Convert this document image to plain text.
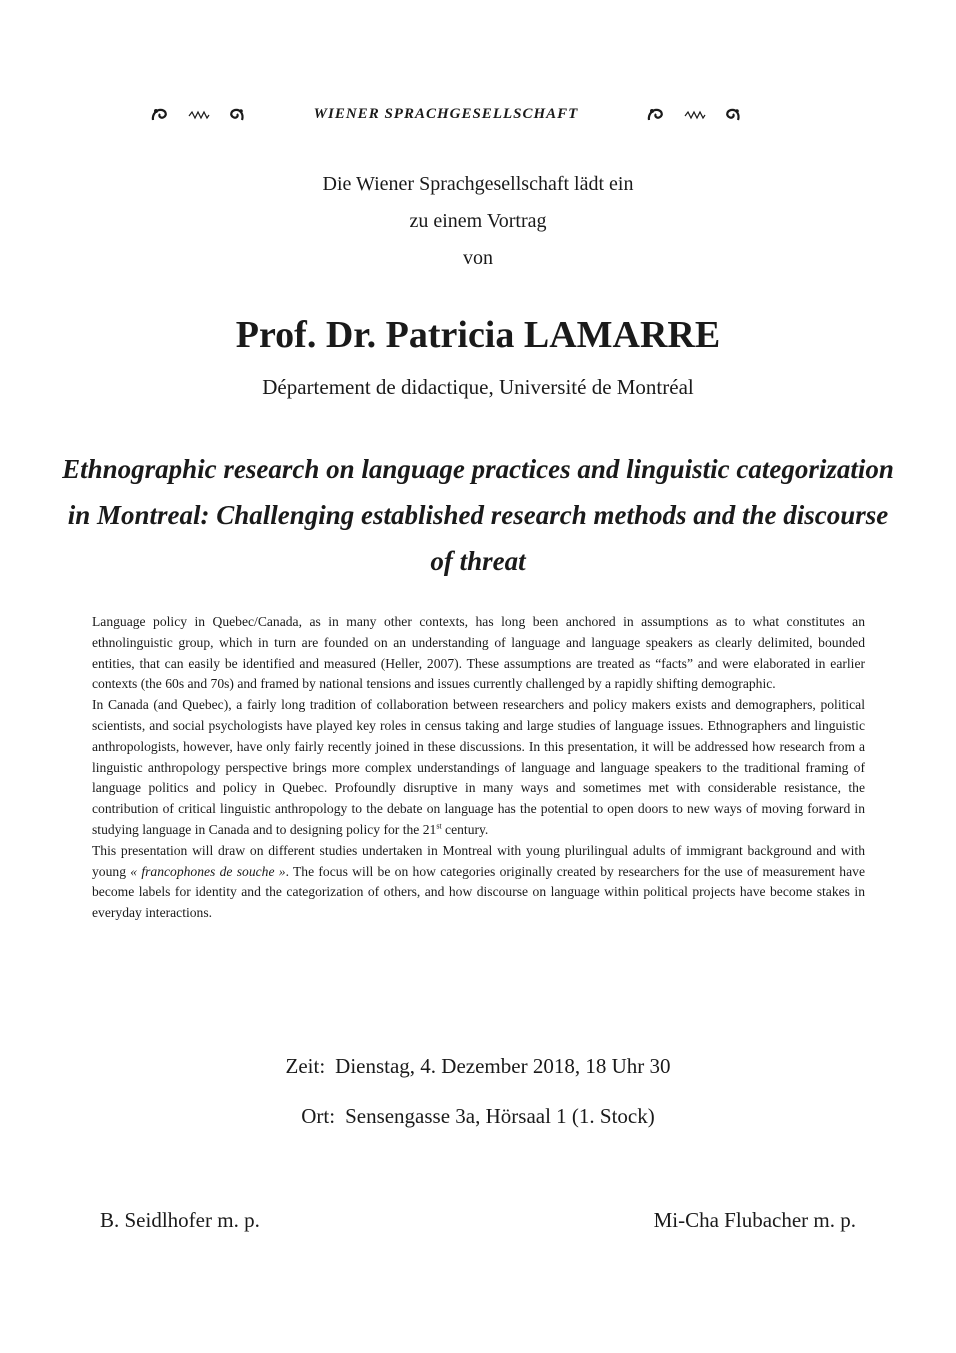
WIENER SPRACHGESELLSCHAFT
Die Wiener Sprachgesellschaft lädt ein
zu einem Vortrag
von
Prof. Dr. Patricia LAMARRE
Département de didactique, Université de Montréal
Ethnographic research on language practices and linguistic categorization in Montreal: Challenging established research methods and the discourse of threat

Language policy in Quebec/Canada, as in many other contexts, has long been anchored in assumptions as to what constitutes an ethnolinguistic group, which in turn are founded on an understanding of language and language speakers as clearly delimited, bounded entities, that can easily be identified and measured (Heller, 2007). These assumptions are treated as “facts” and were elaborated in earlier contexts (the 60s and 70s) and framed by national tensions and issues currently challenged by a rapidly shifting demographic.

In Canada (and Quebec), a fairly long tradition of collaboration between researchers and policy makers exists and demographers, political scientists, and social psychologists have played key roles in census taking and large studies of language issues. Ethnographers and linguistic anthropologists, however, have only fairly recently joined in these discussions. In this presentation, it will be addressed how research from a linguistic anthropology perspective brings more complex understandings of language and language speakers to the traditional framing of language politics and policy in Quebec. Profoundly disruptive in many ways and sometimes met with considerable resistance, the contribution of critical linguistic anthropology to the debate on language has the potential to open doors to new ways of moving forward in studying language in Canada and to designing policy for the 21st century.

This presentation will draw on different studies undertaken in Montreal with young plurilingual adults of immigrant background and with young « francophones de souche ». The focus will be on how categories originally created by researchers for the use of measurement have become labels for identity and the categorization of others, and how discourse on language within political projects have become stakes in everyday interactions.

Zeit: Dienstag, 4. Dezember 2018, 18 Uhr 30
Ort: Sensengasse 3a, Hörsaal 1 (1. Stock)
B. Seidlhofer m. p.	Mi-Cha Flubacher m. p.
